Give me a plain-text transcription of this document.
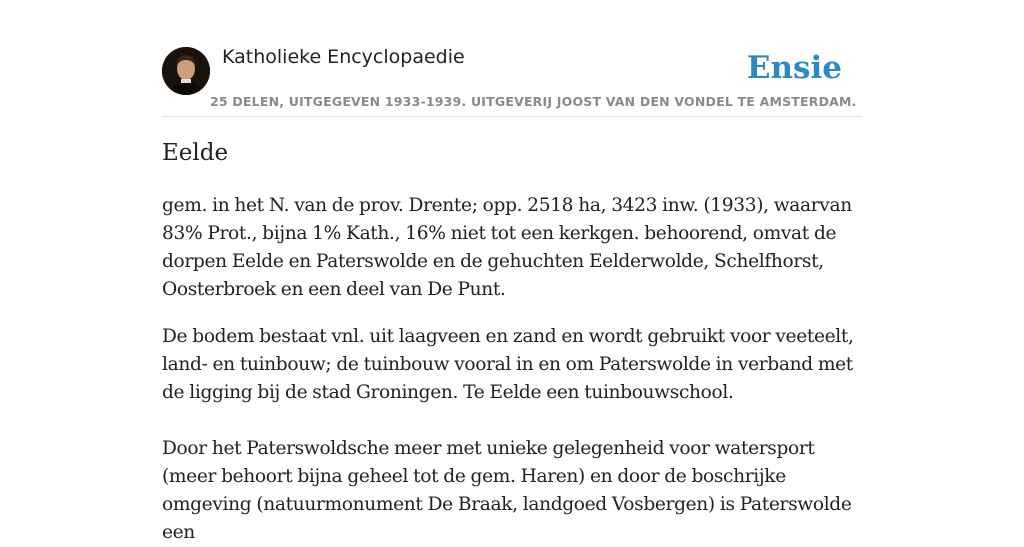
Katholieke Encyclopaedie
25 DELEN, UITGEGEVEN 1933-1939. UITGEVERIJ JOOST VAN DEN VONDEL TE AMSTERDAM.
Ensie
Eelde

gem. in het N. van de prov. Drente; opp. 2518 ha, 3423 inw. (1933), waarvan 83% Prot., bijna 1% Kath., 16% niet tot een kerkgen. behoorend, omvat de dorpen Eelde en Paterswolde en de gehuchten Eelderwolde, Schelfhorst, Oosterbroek en een deel van De Punt.

De bodem bestaat vnl. uit laagveen en zand en wordt gebruikt voor veeteelt, land- en tuinbouw; de tuinbouw vooral in en om Paterswolde in verband met de ligging bij de stad Groningen. Te Eelde een tuinbouwschool.

Door het Paterswoldsche meer met unieke gelegenheid voor watersport (meer behoort bijna geheel tot de gem. Haren) en door de boschrijke omgeving (natuurmonument De Braak, landgoed Vosbergen) is Paterswolde een
